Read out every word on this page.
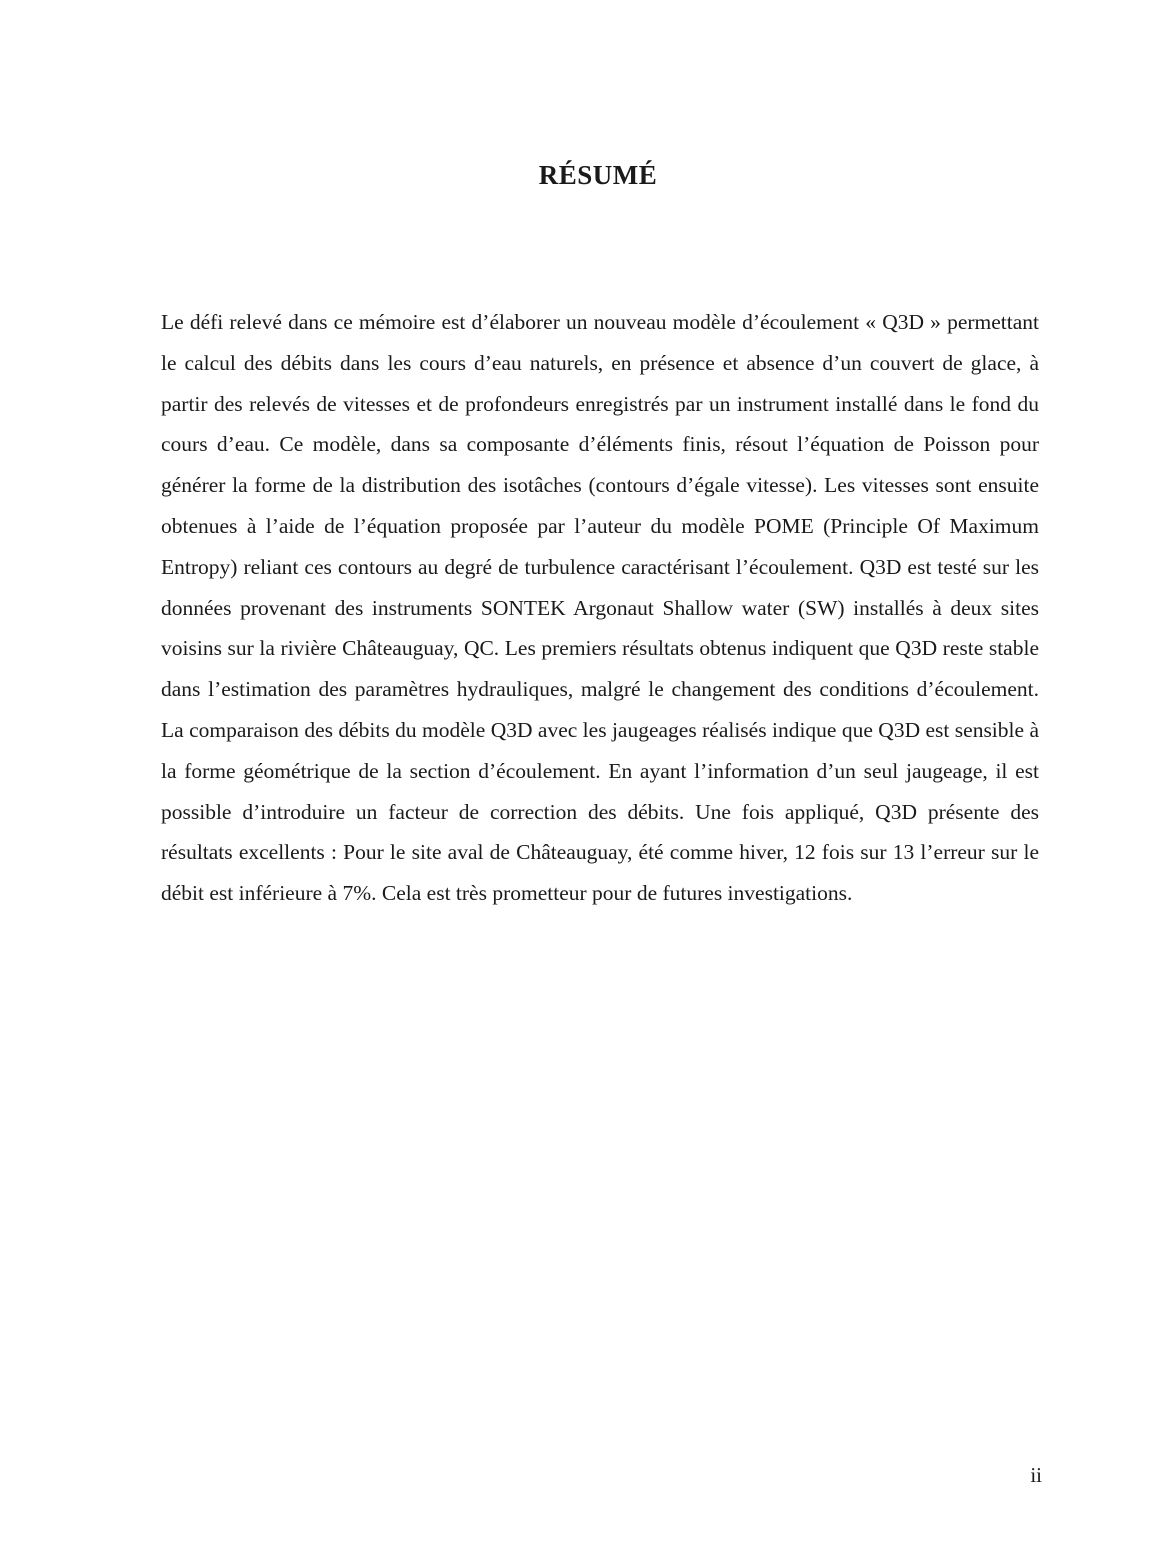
RÉSUMÉ

Le défi relevé dans ce mémoire est d’élaborer un nouveau modèle d’écoulement « Q3D » permettant le calcul des débits dans les cours d’eau naturels, en présence et absence d’un couvert de glace, à partir des relevés de vitesses et de profondeurs enregistrés par un instrument installé dans le fond du cours d’eau. Ce modèle, dans sa composante d’éléments finis, résout l’équation de Poisson pour générer la forme de la distribution des isotâches (contours d’égale vitesse). Les vitesses sont ensuite obtenues à l’aide de l’équation proposée par l’auteur du modèle POME (Principle Of Maximum Entropy) reliant ces contours au degré de turbulence caractérisant l’écoulement. Q3D est testé sur les données provenant des instruments SONTEK Argonaut Shallow water (SW) installés à deux sites voisins sur la rivière Châteauguay, QC. Les premiers résultats obtenus indiquent que Q3D reste stable dans l’estimation des paramètres hydrauliques, malgré le changement des conditions d’écoulement. La comparaison des débits du modèle Q3D avec les jaugeages réalisés indique que Q3D est sensible à la forme géométrique de la section d’écoulement. En ayant l’information d’un seul jaugeage, il est possible d’introduire un facteur de correction des débits. Une fois appliqué, Q3D présente des résultats excellents : Pour le site aval de Châteauguay, été comme hiver, 12 fois sur 13 l’erreur sur le débit est inférieure à 7%. Cela est très prometteur pour de futures investigations.

ii
